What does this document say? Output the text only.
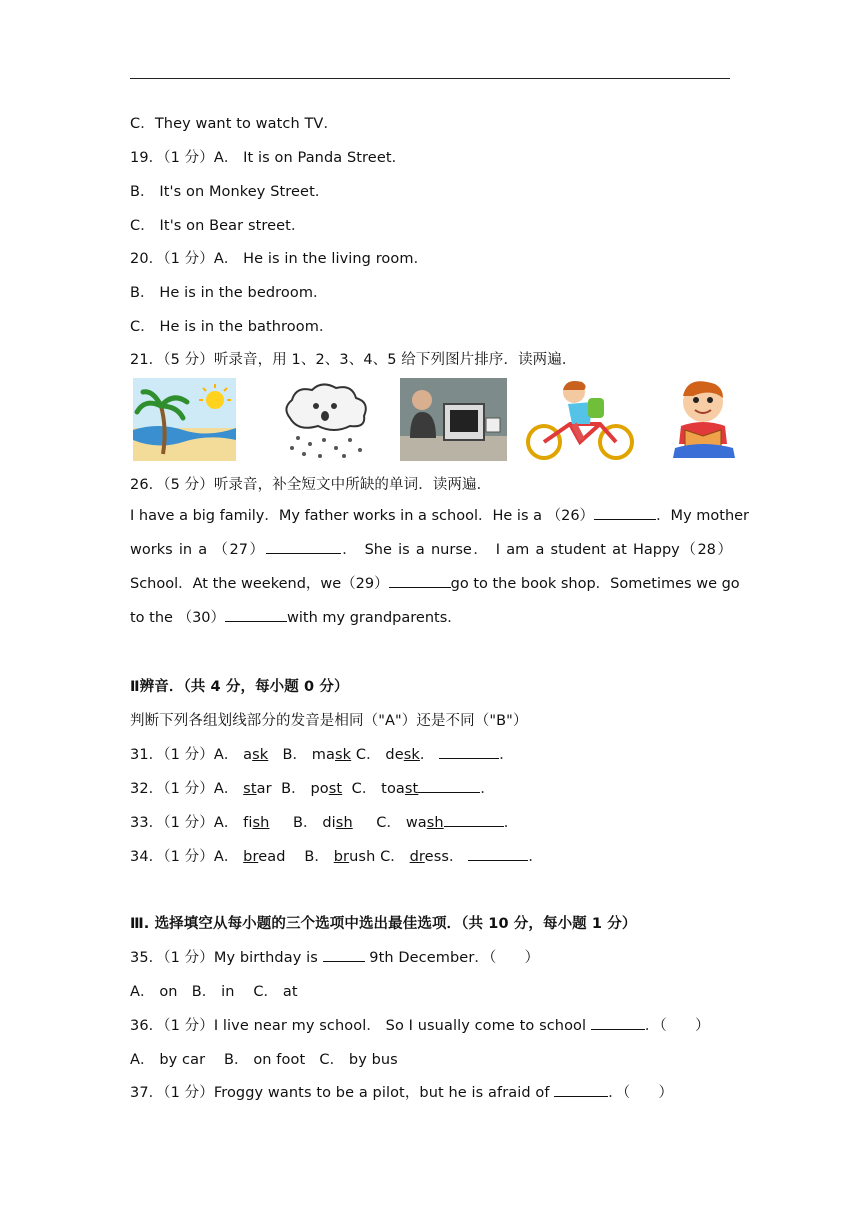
C．They want to watch TV．
19．（1 分）A． It is on Panda Street．
B． It's on Monkey Street．
C． It's on Bear street．
20．（1 分）A． He is in the living room．
B． He is in the bedroom．
C． He is in the bathroom．
21．（5 分）听录音，用 1、2、3、4、5 给下列图片排序．读两遍．
26．（5 分）听录音，补全短文中所缺的单词．读两遍．
I have a big family．My father works in a school．He is a （26）	．My mother
works in a （27）	． She is a nurse． I am a student at Happy（28）
School．At the weekend，we（29）	go to the book shop．Sometimes we go
to the （30）	with my grandparents．
Ⅱ辨音．（共 4 分，每小题 0 分）
判断下列各组划线部分的发音是相同（"A"）还是不同（"B"）
31．（1 分）A． ask   B． mask C． desk．	．
32．（1 分）A． star  B． post  C． toast	．
33．（1 分）A． fish     B． dish     C． wash	．
34．（1 分）A． bread    B． brush C． dress．	．
Ⅲ. 选择填空从每小题的三个选项中选出最佳选项．（共 10 分，每小题 1 分）
35．（1 分）My birthday is	9th December．（      ）
A． on   B． in    C． at
36．（1 分）I live near my school． So I usually come to school	．（      ）
A． by car    B． on foot   C． by bus
37．（1 分）Froggy wants to be a pilot，but he is afraid of	．（      ）
